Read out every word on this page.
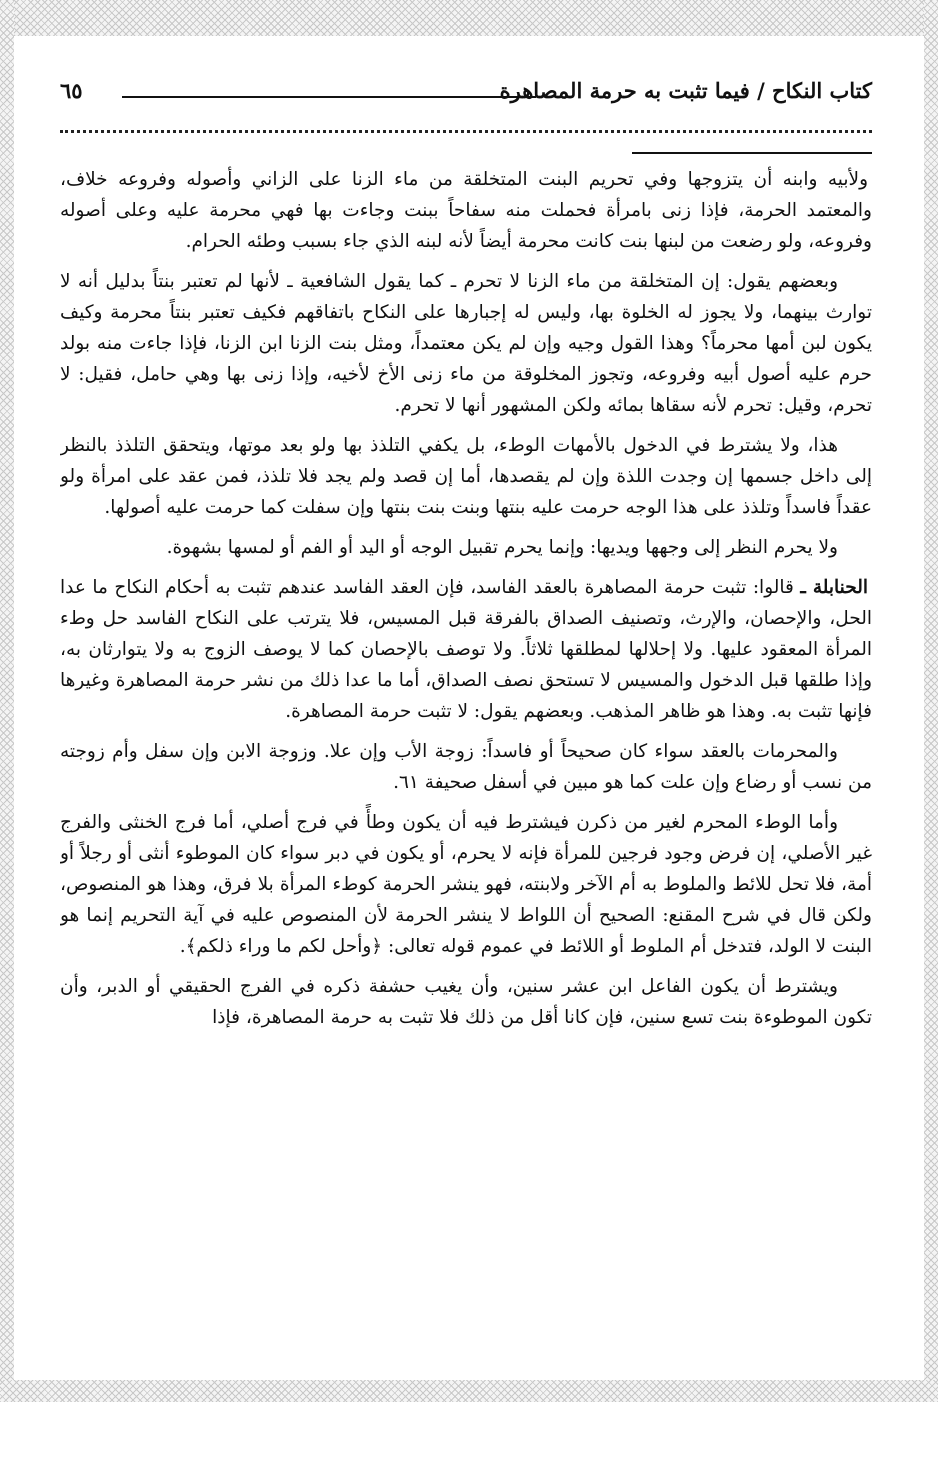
كتاب النكاح / فيما تثبت به حرمة المصاهرة
٦٥

ولأبيه وابنه أن يتزوجها وفي تحريم البنت المتخلقة من ماء الزنا على الزاني وأصوله وفروعه خلاف، والمعتمد الحرمة، فإذا زنى بامرأة فحملت منه سفاحاً ببنت وجاءت بها فهي محرمة عليه وعلى أصوله وفروعه، ولو رضعت من لبنها بنت كانت محرمة أيضاً لأنه لبنه الذي جاء بسبب وطئه الحرام.

وبعضهم يقول: إن المتخلقة من ماء الزنا لا تحرم ـ كما يقول الشافعية ـ لأنها لم تعتبر بنتاً بدليل أنه لا توارث بينهما، ولا يجوز له الخلوة بها، وليس له إجبارها على النكاح باتفاقهم فكيف تعتبر بنتاً محرمة وكيف يكون لبن أمها محرماً؟ وهذا القول وجيه وإن لم يكن معتمداً، ومثل بنت الزنا ابن الزنا، فإذا جاءت منه بولد حرم عليه أصول أبيه وفروعه، وتجوز المخلوقة من ماء زنى الأخ لأخيه، وإذا زنى بها وهي حامل، فقيل: لا تحرم، وقيل: تحرم لأنه سقاها بمائه ولكن المشهور أنها لا تحرم.

هذا، ولا يشترط في الدخول بالأمهات الوطء، بل يكفي التلذذ بها ولو بعد موتها، ويتحقق التلذذ بالنظر إلى داخل جسمها إن وجدت اللذة وإن لم يقصدها، أما إن قصد ولم يجد فلا تلذذ، فمن عقد على امرأة ولو عقداً فاسداً وتلذذ على هذا الوجه حرمت عليه بنتها وبنت بنت بنتها وإن سفلت كما حرمت عليه أصولها.

ولا يحرم النظر إلى وجهها ويديها: وإنما يحرم تقبيل الوجه أو اليد أو الفم أو لمسها بشهوة.

الحنابلة ـ قالوا: تثبت حرمة المصاهرة بالعقد الفاسد، فإن العقد الفاسد عندهم تثبت به أحكام النكاح ما عدا الحل، والإحصان، والإرث، وتصنيف الصداق بالفرقة قبل المسيس، فلا يترتب على النكاح الفاسد حل وطء المرأة المعقود عليها. ولا إحلالها لمطلقها ثلاثاً. ولا توصف بالإحصان كما لا يوصف الزوج به ولا يتوارثان به، وإذا طلقها قبل الدخول والمسيس لا تستحق نصف الصداق، أما ما عدا ذلك من نشر حرمة المصاهرة وغيرها فإنها تثبت به. وهذا هو ظاهر المذهب. وبعضهم يقول: لا تثبت حرمة المصاهرة.

والمحرمات بالعقد سواء كان صحيحاً أو فاسداً: زوجة الأب وإن علا. وزوجة الابن وإن سفل وأم زوجته من نسب أو رضاع وإن علت كما هو مبين في أسفل صحيفة ٦١.

وأما الوطء المحرم لغير من ذكرن فيشترط فيه أن يكون وطأً في فرج أصلي، أما فرج الخنثى والفرج غير الأصلي، إن فرض وجود فرجين للمرأة فإنه لا يحرم، أو يكون في دبر سواء كان الموطوء أنثى أو رجلاً أو أمة، فلا تحل للائط والملوط به أم الآخر ولابنته، فهو ينشر الحرمة كوطء المرأة بلا فرق، وهذا هو المنصوص، ولكن قال في شرح المقنع: الصحيح أن اللواط لا ينشر الحرمة لأن المنصوص عليه في آية التحريم إنما هو البنت لا الولد، فتدخل أم الملوط أو اللائط في عموم قوله تعالى: ﴿وأحل لكم ما وراء ذلكم﴾.

ويشترط أن يكون الفاعل ابن عشر سنين، وأن يغيب حشفة ذكره في الفرج الحقيقي أو الدبر، وأن تكون الموطوءة بنت تسع سنين، فإن كانا أقل من ذلك فلا تثبت به حرمة المصاهرة، فإذا
